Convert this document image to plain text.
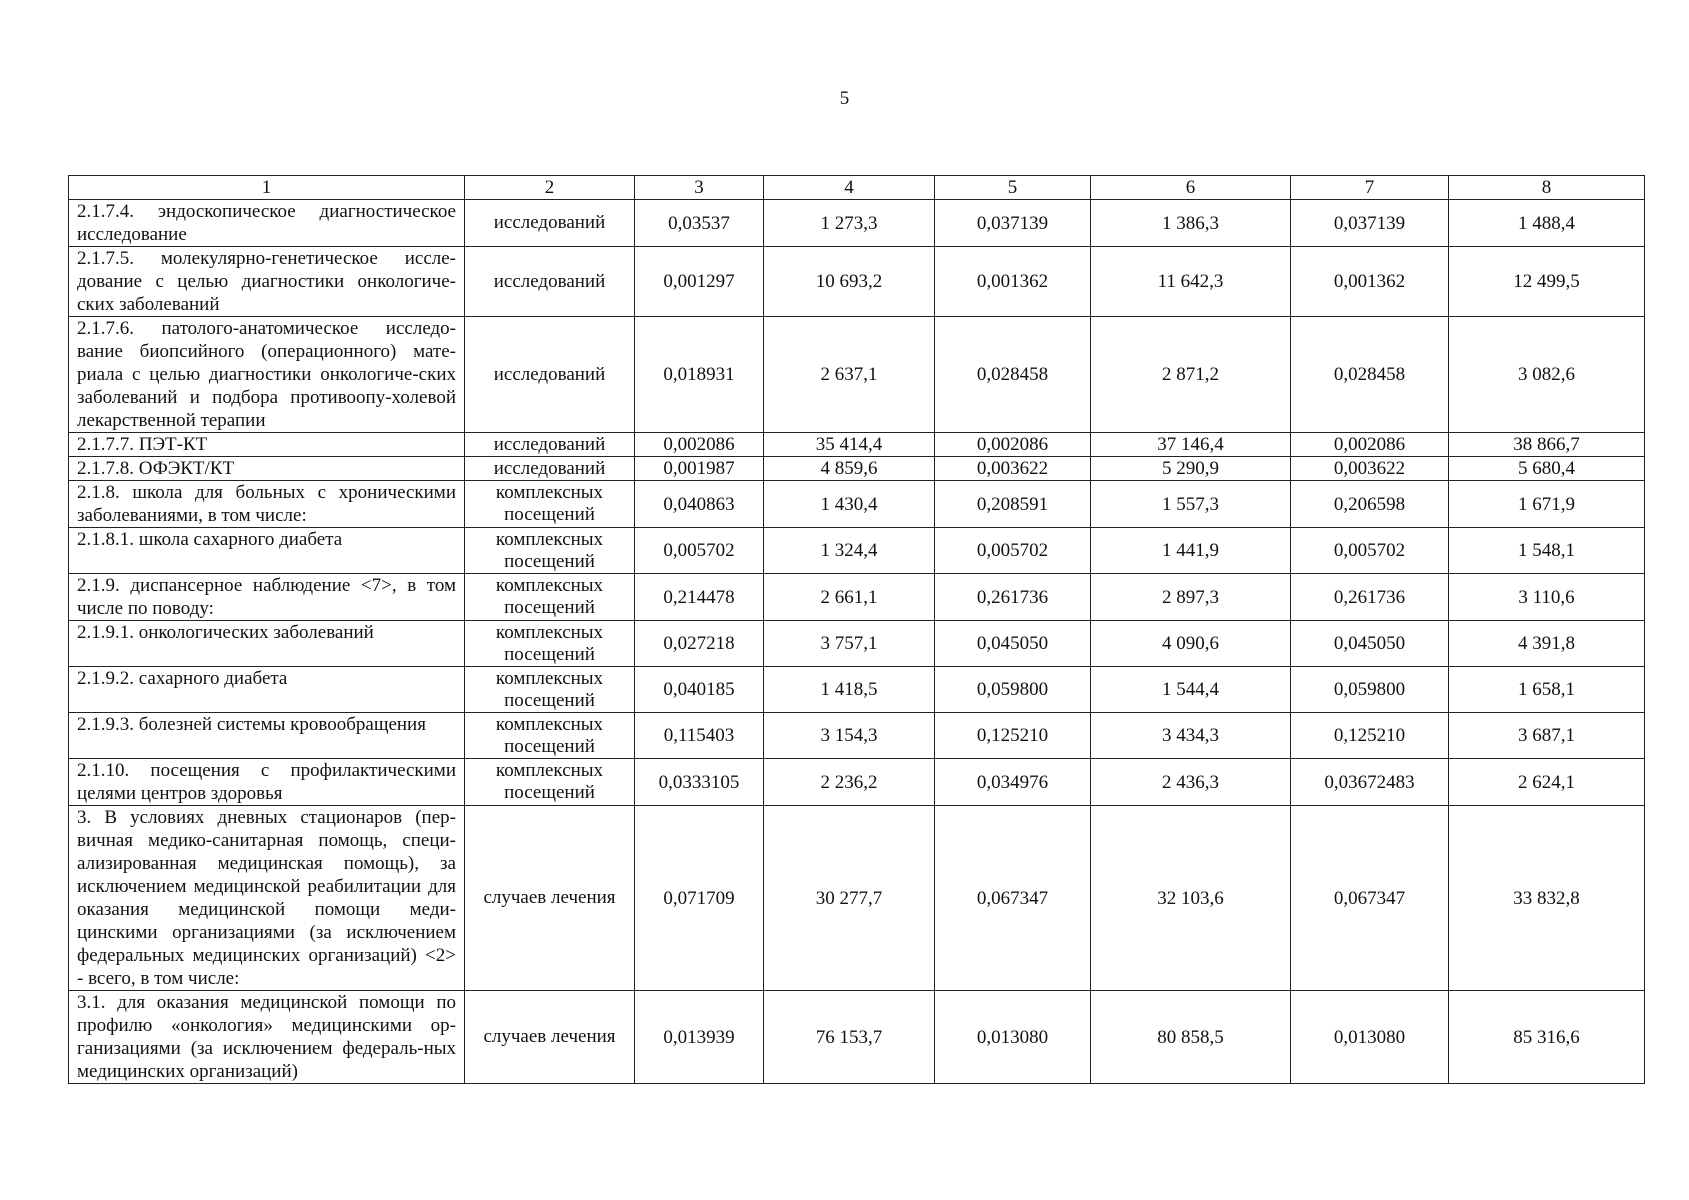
5
1	2	3	4	5	6	7	8
2.1.7.4. эндоскопическое диагностическое исследование	исследований	0,03537	1 273,3	0,037139	1 386,3	0,037139	1 488,4
2.1.7.5. молекулярно-генетическое иссле-дование с целью диагностики онкологиче-ских заболеваний	исследований	0,001297	10 693,2	0,001362	11 642,3	0,001362	12 499,5
2.1.7.6. патолого-анатомическое исследо-вание биопсийного (операционного) мате-риала с целью диагностики онкологиче-ских заболеваний и подбора противоопу-холевой лекарственной терапии	исследований	0,018931	2 637,1	0,028458	2 871,2	0,028458	3 082,6
2.1.7.7. ПЭТ-КТ	исследований	0,002086	35 414,4	0,002086	37 146,4	0,002086	38 866,7
2.1.7.8. ОФЭКТ/КТ	исследований	0,001987	4 859,6	0,003622	5 290,9	0,003622	5 680,4
2.1.8. школа для больных с хроническими заболеваниями, в том числе:	комплексных посещений	0,040863	1 430,4	0,208591	1 557,3	0,206598	1 671,9
2.1.8.1. школа сахарного диабета	комплексных посещений	0,005702	1 324,4	0,005702	1 441,9	0,005702	1 548,1
2.1.9. диспансерное наблюдение <7>, в том числе по поводу:	комплексных посещений	0,214478	2 661,1	0,261736	2 897,3	0,261736	3 110,6
2.1.9.1. онкологических заболеваний	комплексных посещений	0,027218	3 757,1	0,045050	4 090,6	0,045050	4 391,8
2.1.9.2. сахарного диабета	комплексных посещений	0,040185	1 418,5	0,059800	1 544,4	0,059800	1 658,1
2.1.9.3. болезней системы кровообращения	комплексных посещений	0,115403	3 154,3	0,125210	3 434,3	0,125210	3 687,1
2.1.10. посещения с профилактическими целями центров здоровья	комплексных посещений	0,0333105	2 236,2	0,034976	2 436,3	0,03672483	2 624,1
3. В условиях дневных стационаров (пер-вичная медико-санитарная помощь, специ-ализированная медицинская помощь), за исключением медицинской реабилитации для оказания медицинской помощи меди-цинскими организациями (за исключением федеральных медицинских организаций) <2> - всего, в том числе:	случаев лечения	0,071709	30 277,7	0,067347	32 103,6	0,067347	33 832,8
3.1. для оказания медицинской помощи по профилю «онкология» медицинскими ор-ганизациями (за исключением федераль-ных медицинских организаций)	случаев лечения	0,013939	76 153,7	0,013080	80 858,5	0,013080	85 316,6
